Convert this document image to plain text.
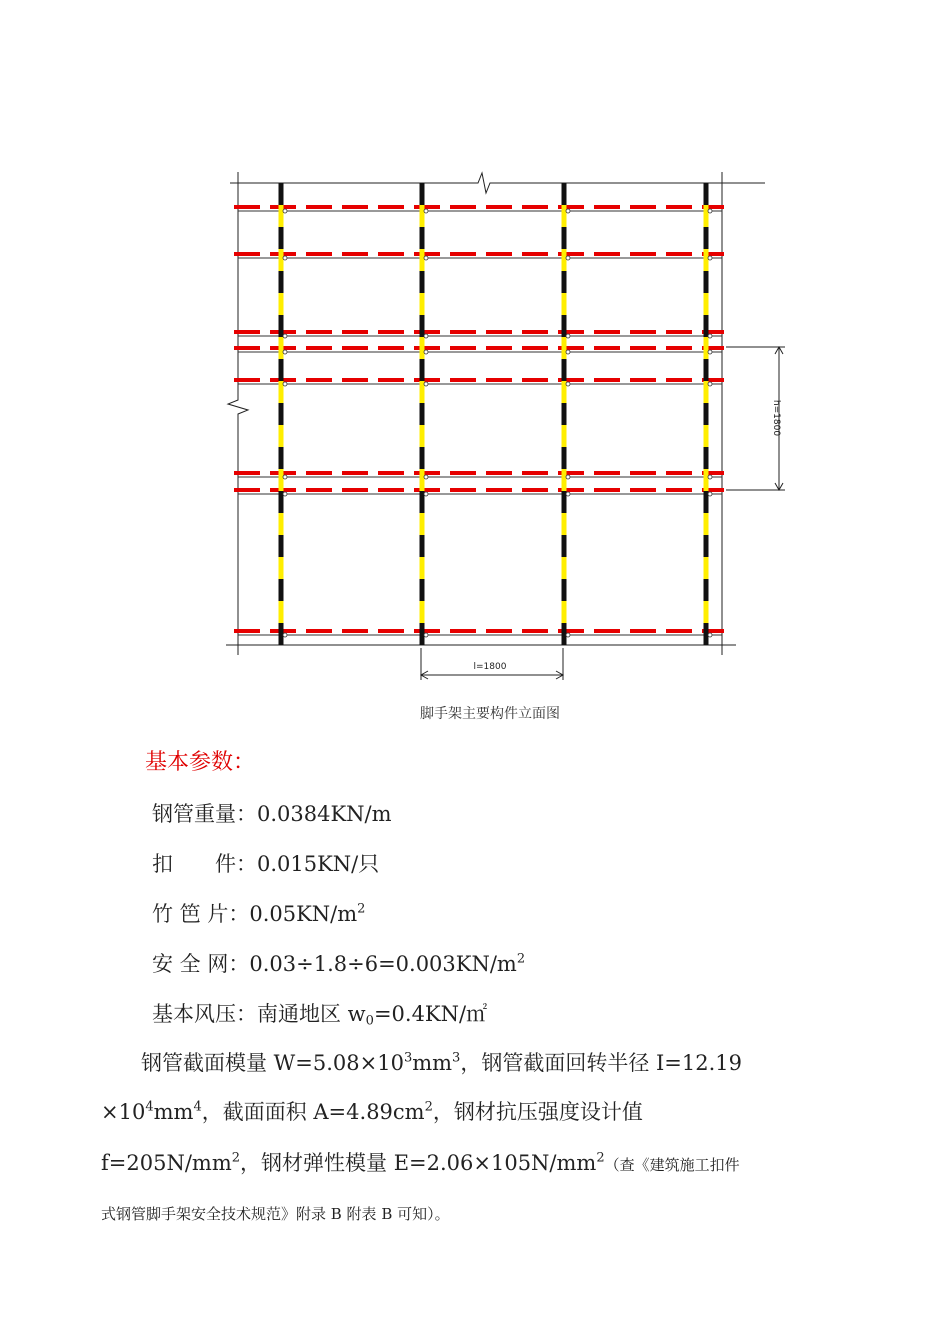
h=1800
l=1800
脚手架主要构件立面图
基本参数：
钢管重量：0.0384KN/m
扣　　件：0.015KN/只
竹 笆 片：$0.05KN/m^2$
安 全 网：$0.03\div 1.8\div 6=0.003KN/m^2$
基本风压：南通地区 $w_0=0.4KN/㎡$
钢管截面模量 $W=5.08\times 10^3mm^3$，钢管截面回转半径 I=12.19
$\times 10^4mm^4$，截面面积 $A=4.89cm^2$，钢材抗压强度设计值
$f=205N/mm^2$，钢材弹性模量 $E=2.06\times 105N/mm^2$（查《建筑施工扣件
式钢管脚手架安全技术规范》附录 B 附表 B 可知）。
